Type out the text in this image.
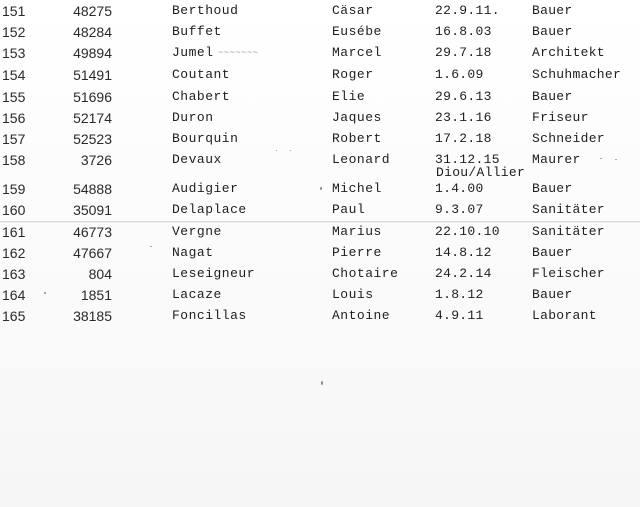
151	48275	Berthoud	Cäsar	22.9.11. Bauer
152	48284	Buffet	Eusébe	16.8.03	Bauer
153	49894	Jumel	Marcel	29.7.18	Architekt
154	51491	Coutant	Roger	1.6.09	Schuhmacher
155	51696	Chabert	Elie	29.6.13	Bauer
156	52174	Duron	Jaques	23.1.16	Friseur
157	52523	Bourquin	Robert	17.2.18	Schneider
158	3726	Devaux	Leonard	31.12.15 Maurer
Diou/Allier
159	54888	Audigier	Michel	1.4.00	Bauer
160	35091	Delaplace	Paul	9.3.07	Sanitäter
161	46773	Vergne	Marius	22.10.10 Sanitäter
162	47667	Nagat	Pierre	14.8.12	Bauer
163	804	Leseigneur	Chotaire	24.2.14	Fleischer
164	1851	Lacaze	Louis	1.8.12	Bauer
165	38185	Foncillas	Antoine	4.9.11	Laborant
~~~~~~~
